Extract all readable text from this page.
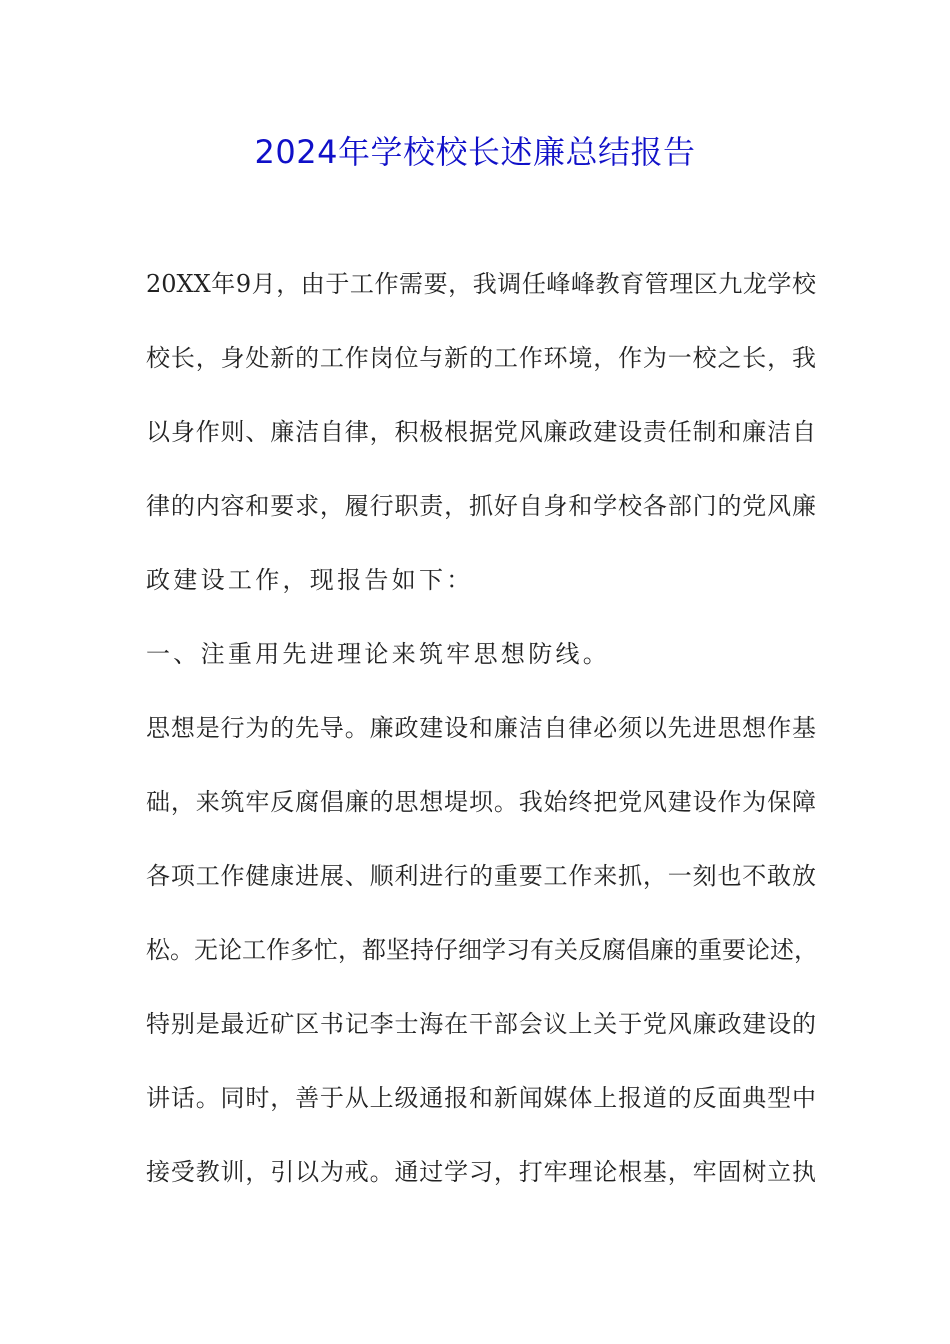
2024年学校校长述廉总结报告
20XX年9月，由于工作需要，我调任峰峰教育管理区九龙学校
校长，身处新的工作岗位与新的工作环境，作为一校之长，我
以身作则、廉洁自律，积极根据党风廉政建设责任制和廉洁自
律的内容和要求，履行职责，抓好自身和学校各部门的党风廉
政建设工作，现报告如下：
一、注重用先进理论来筑牢思想防线。
思想是行为的先导。廉政建设和廉洁自律必须以先进思想作基
础，来筑牢反腐倡廉的思想堤坝。我始终把党风建设作为保障
各项工作健康进展、顺利进行的重要工作来抓，一刻也不敢放
松。无论工作多忙，都坚持仔细学习有关反腐倡廉的重要论述，
特别是最近矿区书记李士海在干部会议上关于党风廉政建设的
讲话。同时，善于从上级通报和新闻媒体上报道的反面典型中
接受教训，引以为戒。通过学习，打牢理论根基，牢固树立执
